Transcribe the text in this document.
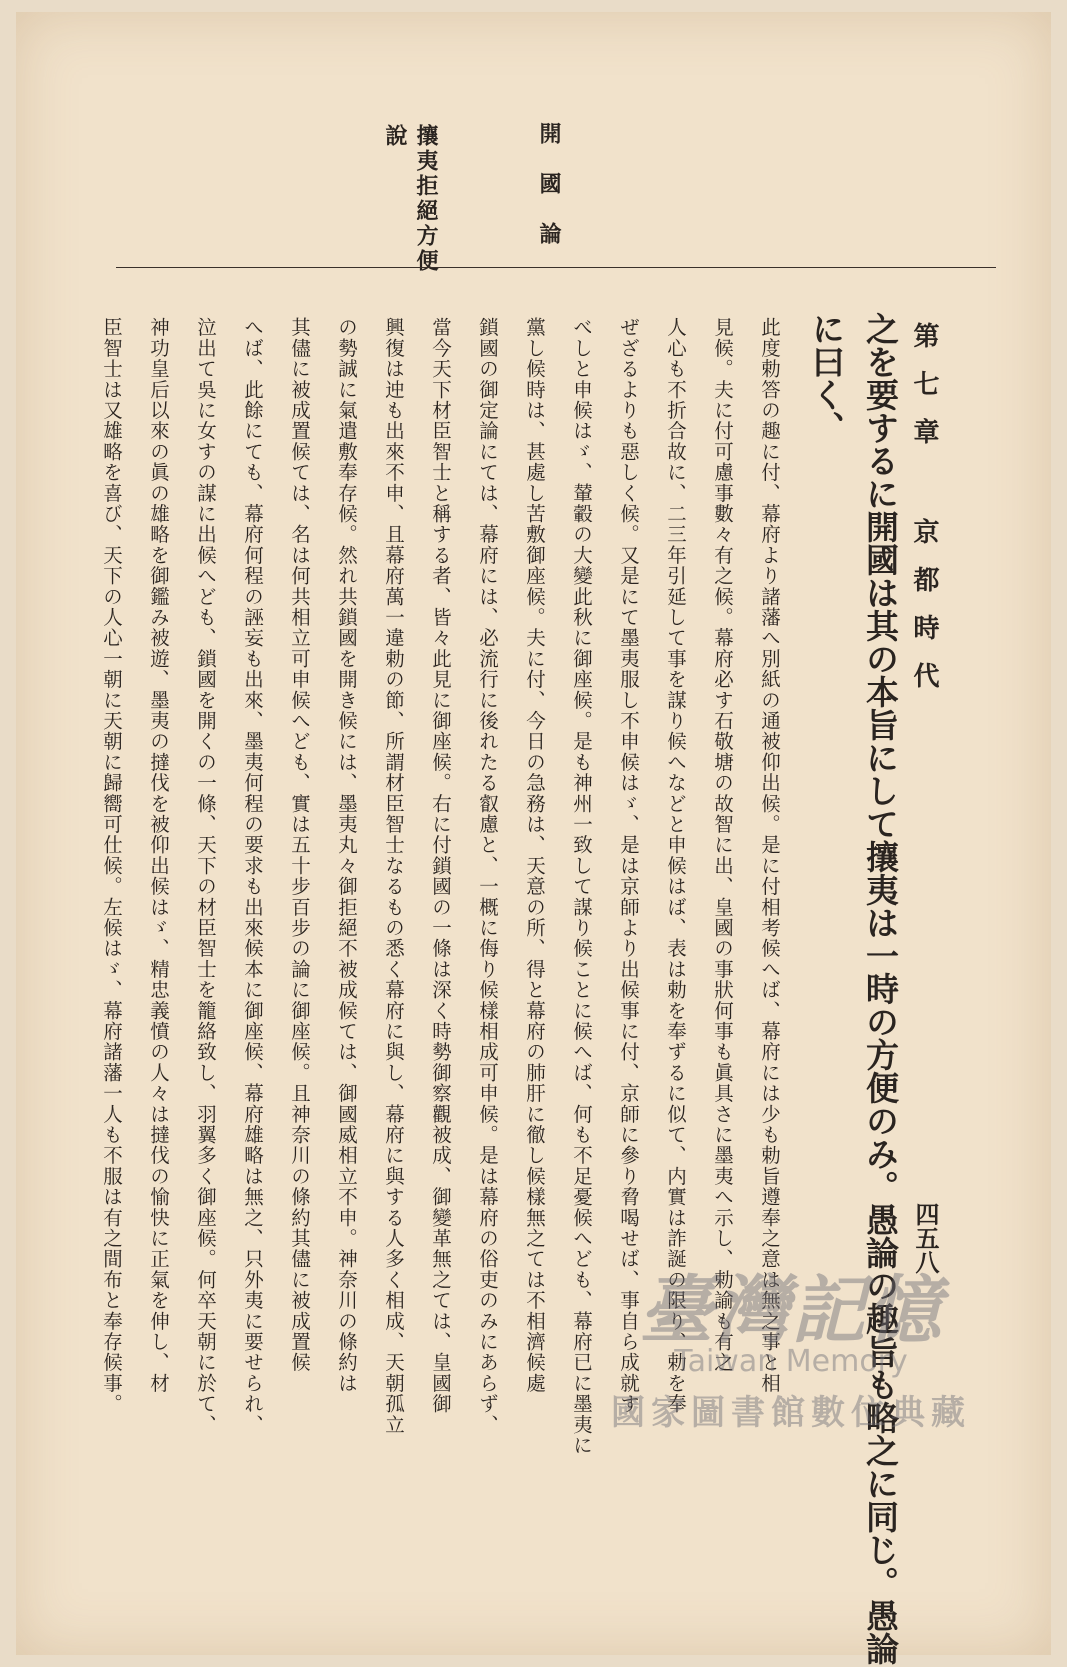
第七章 京都時代
四五八
開國論
攘夷拒絕方便說
之を要するに開國は其の本旨にして攘夷は一時の方便のみ。愚論の趣旨も略之に同じ。愚論
に曰く、
此度勅答の趣に付、幕府より諸藩へ別紙の通被仰出候。是に付相考候へば、幕府には少も勅旨遵奉之意は無之事と相
見候。夫に付可慮事數々有之候。幕府必す石敬塘の故智に出、皇國の事狀何事も眞具さに墨夷へ示し、勅諭も有之
人心も不折合故に、二三年引延して事を謀り候へなどと申候はば、表は勅を奉ずるに似て、内實は詐誕の限り、勅を奉
ぜざるよりも惡しく候。又是にて墨夷服し不申候はゞ、是は京師より出候事に付、京師に參り脅喝せば、事自ら成就す
べしと申候はゞ、輦轂の大變此秋に御座候。是も神州一致して謀り候ことに候へば、何も不足憂候へども、幕府已に墨夷に
黨し候時は、甚處し苦敷御座候。夫に付、今日の急務は、天意の所、得と幕府の肺肝に徹し候樣無之ては不相濟候處
鎖國の御定論にては、幕府には、必流行に後れたる叡慮と、一概に侮り候樣相成可申候。是は幕府の俗吏のみにあらず、
當今天下材臣智士と稱する者、皆々此見に御座候。右に付鎖國の一條は深く時勢御察觀被成、御變革無之ては、皇國御
興復は迚も出來不申、且幕府萬一違勅の節、所謂材臣智士なるもの悉く幕府に與し、幕府に與する人多く相成、天朝孤立
の勢誠に氣遣敷奉存候。然れ共鎖國を開き候には、墨夷丸々御拒絕不被成候ては、御國威相立不申。神奈川の條約は
其儘に被成置候ては、名は何共相立可申候へども、實は五十步百步の論に御座候。且神奈川の條約其儘に被成置候
へば、此餘にても、幕府何程の誣妄も出來、墨夷何程の要求も出來候本に御座候、幕府雄略は無之、只外夷に要せられ、
泣出て吳に女すの謀に出候へども、鎖國を開くの一條、天下の材臣智士を籠絡致し、羽翼多く御座候。何卒天朝に於て、
神功皇后以來の眞の雄略を御鑑み被遊、墨夷の撻伐を被仰出候はゞ、精忠義憤の人々は撻伐の愉快に正氣を伸し、材
臣智士は又雄略を喜び、天下の人心一朝に天朝に歸嚮可仕候。左候はゞ、幕府諸藩一人も不服は有之間布と奉存候事。	臺灣記憶
Taiwan Memory
國家圖書館數位典藏
